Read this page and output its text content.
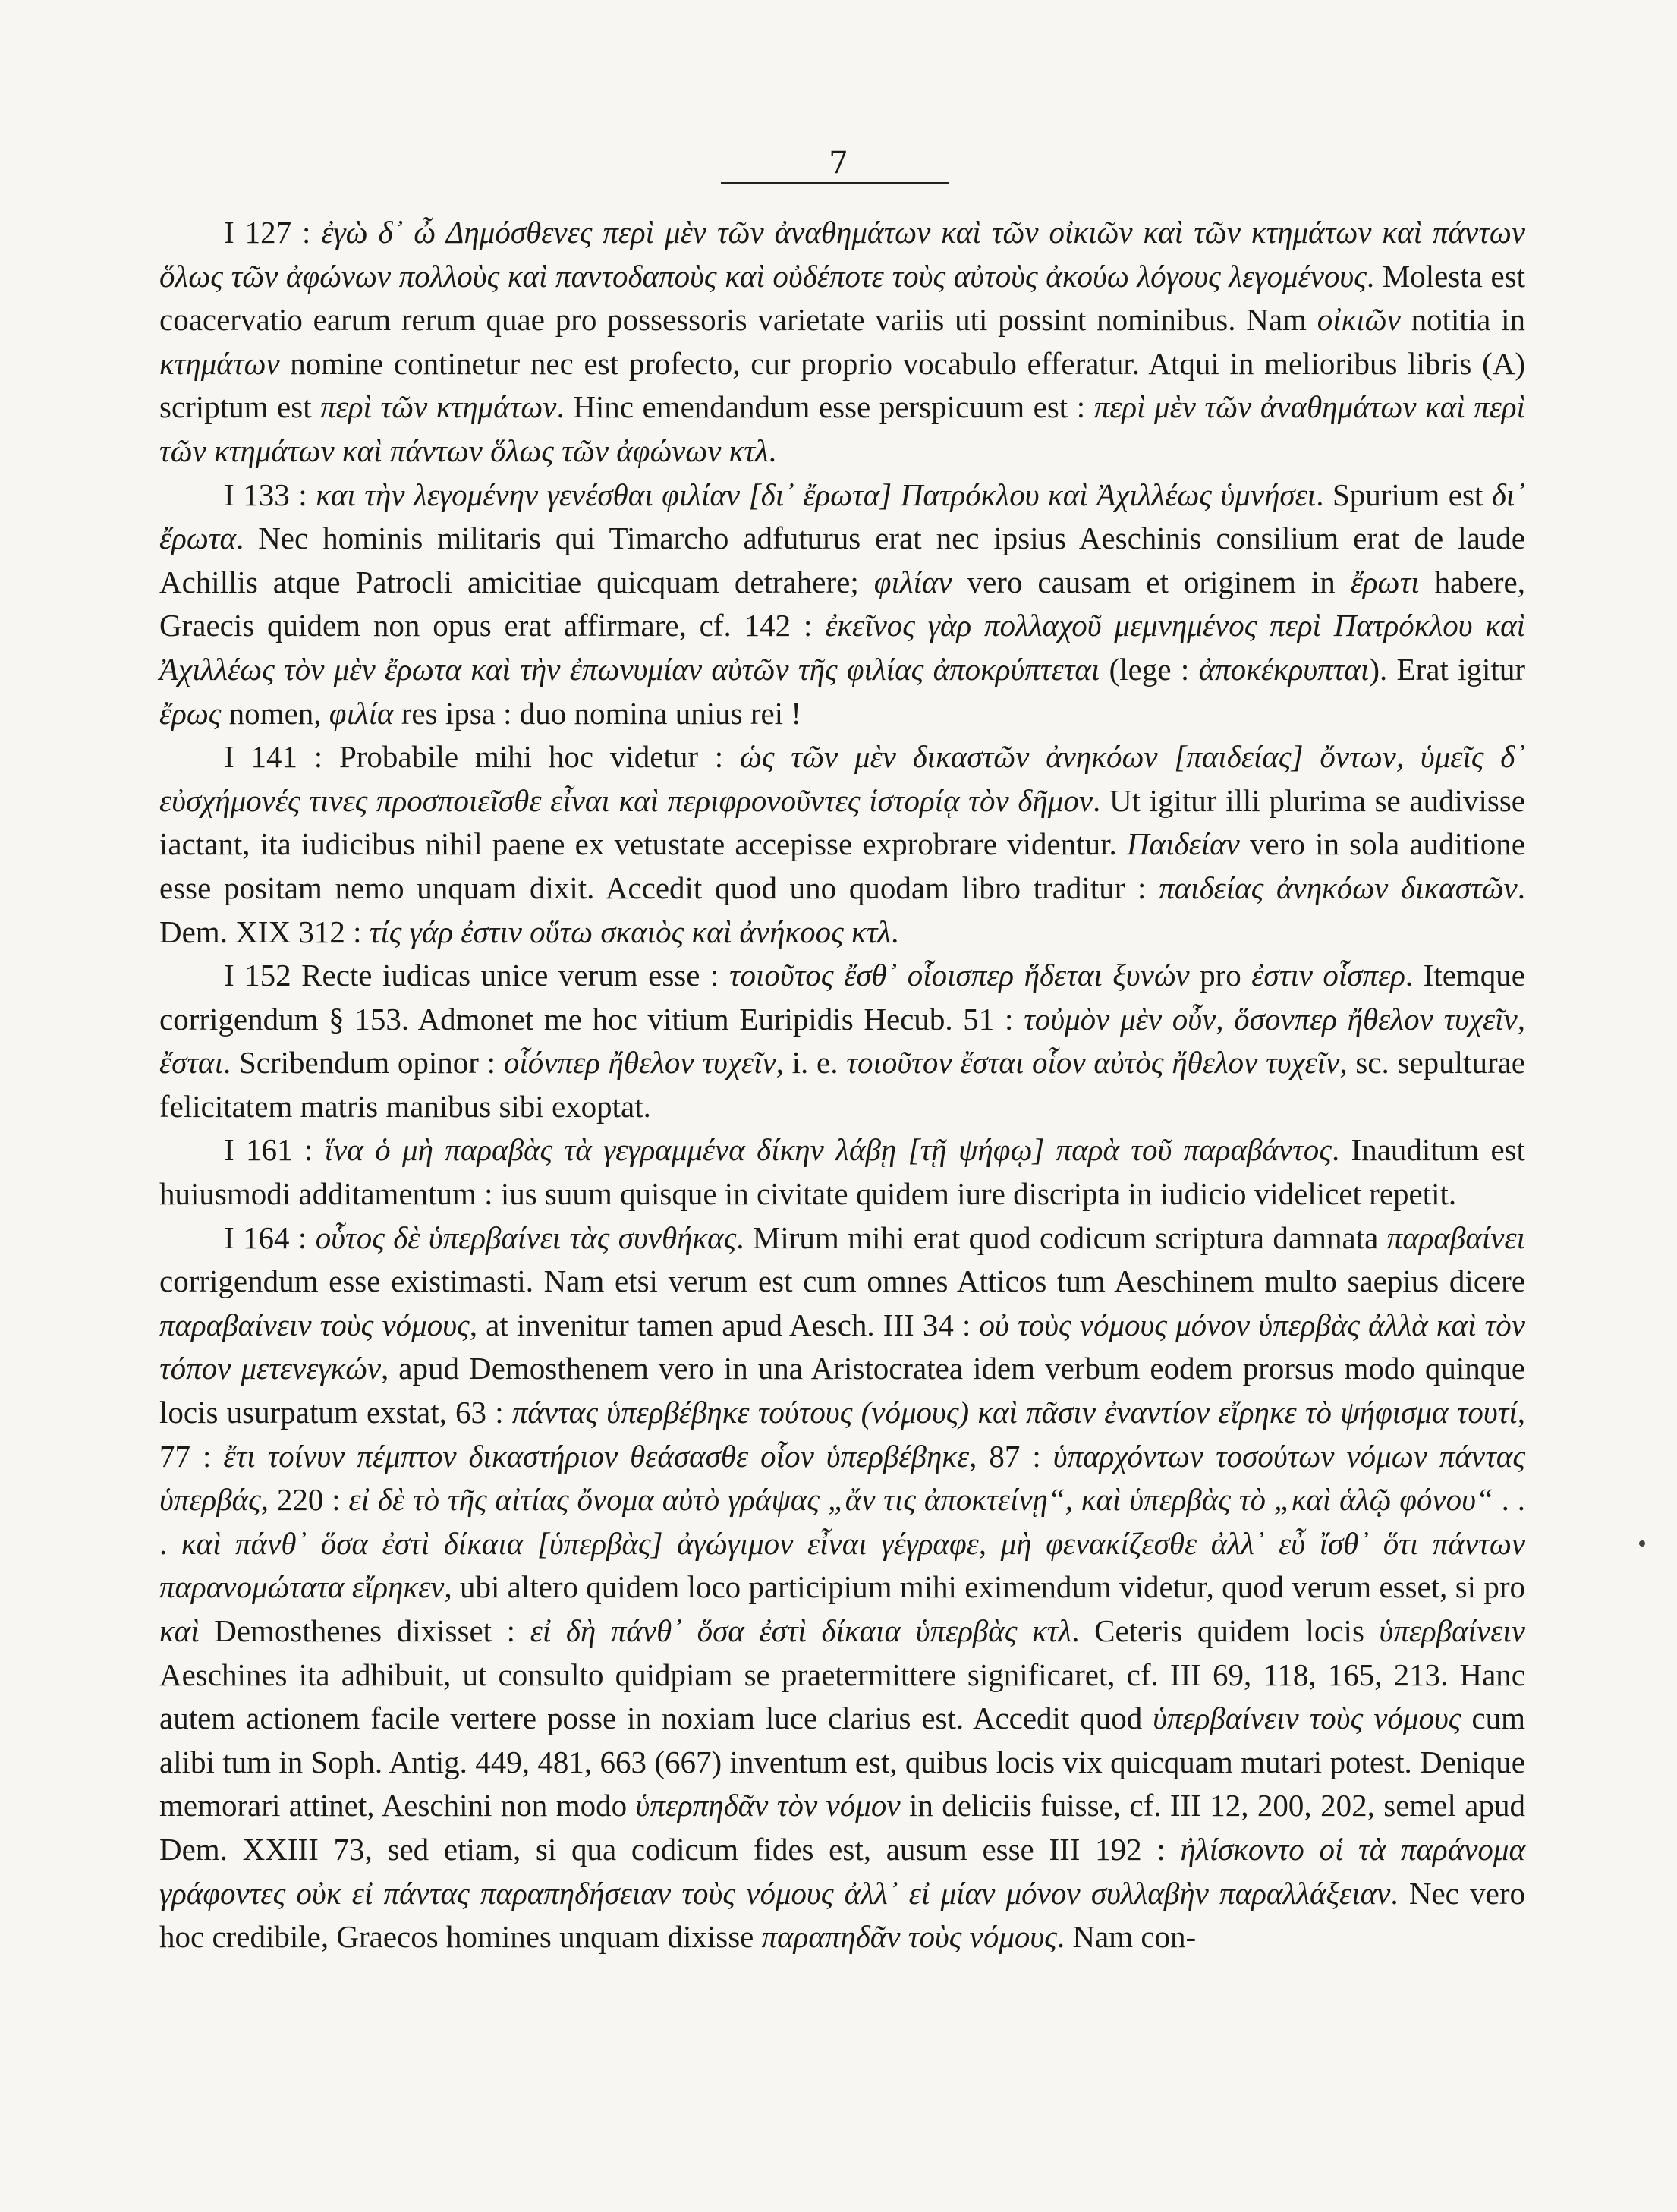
7

I 127 : ἐγὼ δ᾽ ὦ Δημόσθενες περὶ μὲν τῶν ἀναθημάτων καὶ τῶν οἰκιῶν καὶ τῶν κτημάτων καὶ πάντων ὅλως τῶν ἀφώνων πολλοὺς καὶ παντοδαποὺς καὶ οὐδέποτε τοὺς αὐτοὺς ἀκούω λόγους λεγομένους. Molesta est coacervatio earum rerum quae pro possessoris varietate variis uti possint nominibus. Nam οἰκιῶν notitia in κτημάτων nomine continetur nec est profecto, cur proprio vocabulo efferatur. Atqui in melioribus libris (A) scriptum est περὶ τῶν κτημάτων. Hinc emendandum esse perspicuum est : περὶ μὲν τῶν ἀναθημάτων καὶ περὶ τῶν κτημάτων καὶ πάντων ὅλως τῶν ἀφώνων κτλ.

I 133 : και τὴν λεγομένην γενέσθαι φιλίαν [δι᾽ ἔρωτα] Πατρόκλου καὶ Ἀχιλλέως ὑμνήσει. Spurium est δι᾽ ἔρωτα. Nec hominis militaris qui Timarcho adfuturus erat nec ipsius Aeschinis consilium erat de laude Achillis atque Patrocli amicitiae quicquam detrahere; φιλίαν vero causam et originem in ἔρωτι habere, Graecis quidem non opus erat affirmare, cf. 142 : ἐκεῖνος γὰρ πολλαχοῦ μεμνημένος περὶ Πατρόκλου καὶ Ἀχιλλέως τὸν μὲν ἔρωτα καὶ τὴν ἐπωνυμίαν αὐτῶν τῆς φιλίας ἀποκρύπτεται (lege : ἀποκέκρυπται). Erat igitur ἔρως nomen, φιλία res ipsa : duo nomina unius rei !

I 141 : Probabile mihi hoc videtur : ὡς τῶν μὲν δικαστῶν ἀνηκόων [παιδείας] ὄντων, ὑμεῖς δ᾽ εὐσχήμονές τινες προσποιεῖσθε εἶναι καὶ περιφρονοῦντες ἱστορίᾳ τὸν δῆμον. Ut igitur illi plurima se audivisse iactant, ita iudicibus nihil paene ex vetustate accepisse exprobrare videntur. Παιδείαν vero in sola auditione esse positam nemo unquam dixit. Accedit quod uno quodam libro traditur : παιδείας ἀνηκόων δικαστῶν. Dem. XIX 312 : τίς γάρ ἐστιν οὕτω σκαιὸς καὶ ἀνήκοος κτλ.

I 152 Recte iudicas unice verum esse : τοιοῦτος ἔσθ᾽ οἷοισπερ ἥδεται ξυνών pro ἐστιν οἷσπερ. Itemque corrigendum § 153. Admonet me hoc vitium Euripidis Hecub. 51 : τοὐμὸν μὲν οὖν, ὅσονπερ ἤθελον τυχεῖν, ἔσται. Scribendum opinor : οἷόνπερ ἤθελον τυχεῖν, i. e. τοιοῦτον ἔσται οἷον αὐτὸς ἤθελον τυχεῖν, sc. sepulturae felicitatem matris manibus sibi exoptat.

I 161 : ἵνα ὁ μὴ παραβὰς τὰ γεγραμμένα δίκην λάβῃ [τῇ ψήφῳ] παρὰ τοῦ παραβάντος. Inauditum est huiusmodi additamentum : ius suum quisque in civitate quidem iure discripta in iudicio videlicet repetit.

I 164 : οὗτος δὲ ὑπερβαίνει τὰς συνθήκας. Mirum mihi erat quod codicum scriptura damnata παραβαίνει corrigendum esse existimasti. Nam etsi verum est cum omnes Atticos tum Aeschinem multo saepius dicere παραβαίνειν τοὺς νόμους, at invenitur tamen apud Aesch. III 34 : οὐ τοὺς νόμους μόνον ὑπερβὰς ἀλλὰ καὶ τὸν τόπον μετενεγκών, apud Demosthenem vero in una Aristocratea idem verbum eodem prorsus modo quinque locis usurpatum exstat, 63 : πάντας ὑπερβέβηκε τούτους (νόμους) καὶ πᾶσιν ἐναντίον εἴρηκε τὸ ψήφισμα τουτί, 77 : ἔτι τοίνυν πέμπτον δικαστήριον θεάσασθε οἷον ὑπερβέβηκε, 87 : ὑπαρχόντων τοσούτων νόμων πάντας ὑπερβάς, 220 : εἰ δὲ τὸ τῆς αἰτίας ὄνομα αὐτὸ γράψας „ἄν τις ἀποκτείνῃ“, καὶ ὑπερβὰς τὸ „καὶ ἁλῷ φόνου“ . . . καὶ πάνθ᾽ ὅσα ἐστὶ δίκαια [ὑπερβὰς] ἀγώγιμον εἶναι γέγραφε, μὴ φενακίζεσθε ἀλλ᾽ εὖ ἴσθ᾽ ὅτι πάντων παρανομώτατα εἴρηκεν, ubi altero quidem loco participium mihi eximendum videtur, quod verum esset, si pro καὶ Demosthenes dixisset : εἰ δὴ πάνθ᾽ ὅσα ἐστὶ δίκαια ὑπερβὰς κτλ. Ceteris quidem locis ὑπερβαίνειν Aeschines ita adhibuit, ut consulto quidpiam se praetermittere significaret, cf. III 69, 118, 165, 213. Hanc autem actionem facile vertere posse in noxiam luce clarius est. Accedit quod ὑπερβαίνειν τοὺς νόμους cum alibi tum in Soph. Antig. 449, 481, 663 (667) inventum est, quibus locis vix quicquam mutari potest. Denique memorari attinet, Aeschini non modo ὑπερπηδᾶν τὸν νόμον in deliciis fuisse, cf. III 12, 200, 202, semel apud Dem. XXIII 73, sed etiam, si qua codicum fides est, ausum esse III 192 : ἠλίσκοντο οἱ τὰ παράνομα γράφοντες οὐκ εἰ πάντας παραπηδήσειαν τοὺς νόμους ἀλλ᾽ εἰ μίαν μόνον συλλαβὴν παραλλάξειαν. Nec vero hoc credibile, Graecos homines unquam dixisse παραπηδᾶν τοὺς νόμους. Nam con-
